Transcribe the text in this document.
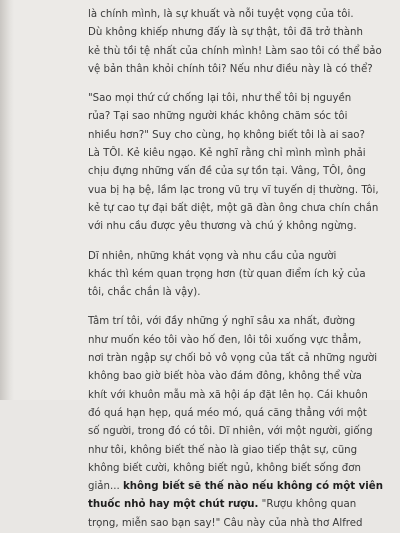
là chính mình, là sự khuất và nỗi tuyệt vọng của tôi.
Dù không khiếp nhưng đấy là sự thật, tôi đã trở thành
kẻ thù tồi tệ nhất của chính mình! Làm sao tôi có thể bảo
vệ bản thân khỏi chính tôi? Nếu như điều này là có thể?
"Sao mọi thứ cứ chống lại tôi, như thể tôi bị nguyền
rủa? Tại sao những người khác không chăm sóc tôi
nhiều hơn?" Suy cho cùng, họ không biết tôi là ai sao?
Là TÔI. Kẻ kiêu ngạo. Kẻ nghĩ rằng chỉ mình mình phải
chịu đựng những vấn đề của sự tồn tại. Vâng, TÔI, ông
vua bị hạ bệ, lầm lạc trong vũ trụ vĩ tuyến dị thường. Tôi,
kẻ tự cao tự đại bất diệt, một gã đàn ông chưa chín chắn
với nhu cầu được yêu thương và chú ý không ngừng.
Dĩ nhiên, những khát vọng và nhu cầu của người
khác thì kém quan trọng hơn (từ quan điểm ích kỷ của
tôi, chắc chắn là vậy).
Tâm trí tôi, với đầy những ý nghĩ sâu xa nhất, đường
như muốn kéo tôi vào hố đen, lôi tôi xuống vực thẳm,
nơi tràn ngập sự chối bỏ vô vọng của tất cả những người
không bao giờ biết hòa vào đám đông, không thể vừa
khít với khuôn mẫu mà xã hội áp đặt lên họ. Cái khuôn
đó quá hạn hẹp, quá méo mó, quá căng thẳng với một
số người, trong đó có tôi. Dĩ nhiên, với một người, giống
như tôi, không biết thế nào là giao tiếp thật sự, cũng
không biết cười, không biết ngủ, không biết sống đơn
giản... không biết sẽ thế nào nếu không có một viên
thuốc nhỏ hay một chút rượu. "Rượu không quan
trọng, miễn sao bạn say!" Câu này của nhà thơ Alfred
